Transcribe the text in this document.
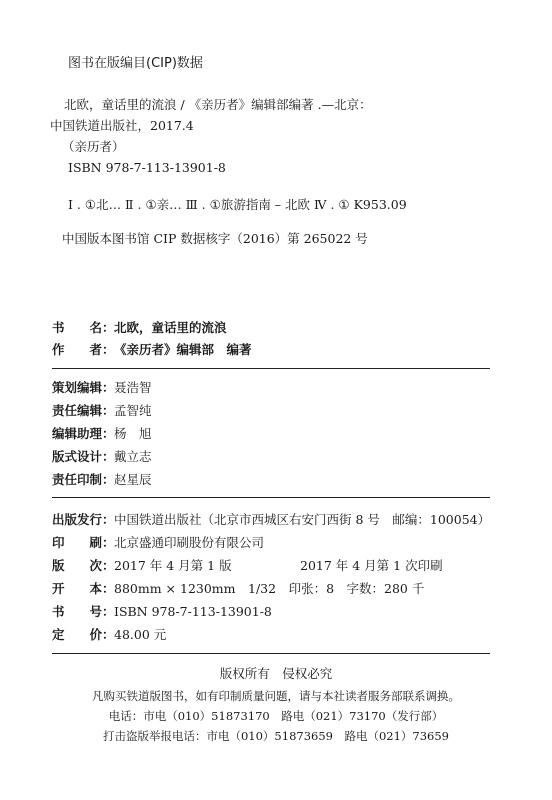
图书在版编目(CIP)数据
北欧，童话里的流浪 / 《亲历者》编辑部编著 .—北京：
中国铁道出版社，2017.4
（亲历者）
ISBN 978-7-113-13901-8
Ⅰ . ①北… Ⅱ . ①亲… Ⅲ . ①旅游指南 – 北欧 Ⅳ . ① K953.09
中国版本图书馆 CIP 数据核字（2016）第 265022 号
书　　名： 北欧，童话里的流浪
作　　者： 《亲历者》编辑部　编著
策划编辑： 聂浩智
责任编辑： 孟智纯
编辑助理： 杨　旭
版式设计： 戴立志
责任印制： 赵星辰
出版发行： 中国铁道出版社（北京市西城区右安门西街 8 号　邮编：100054）
印　　刷： 北京盛通印刷股份有限公司
版　　次： 2017 年 4 月第 1 版	2017 年 4 月第 1 次印刷
开　　本： 880mm × 1230mm　1/32　印张：8　字数：280 千
书　　号： ISBN 978-7-113-13901-8
定　　价： 48.00 元
版权所有　侵权必究
凡购买铁道版图书，如有印制质量问题，请与本社读者服务部联系调换。
电话：市电（010）51873170　路电（021）73170（发行部）
打击盗版举报电话：市电（010）51873659　路电（021）73659
